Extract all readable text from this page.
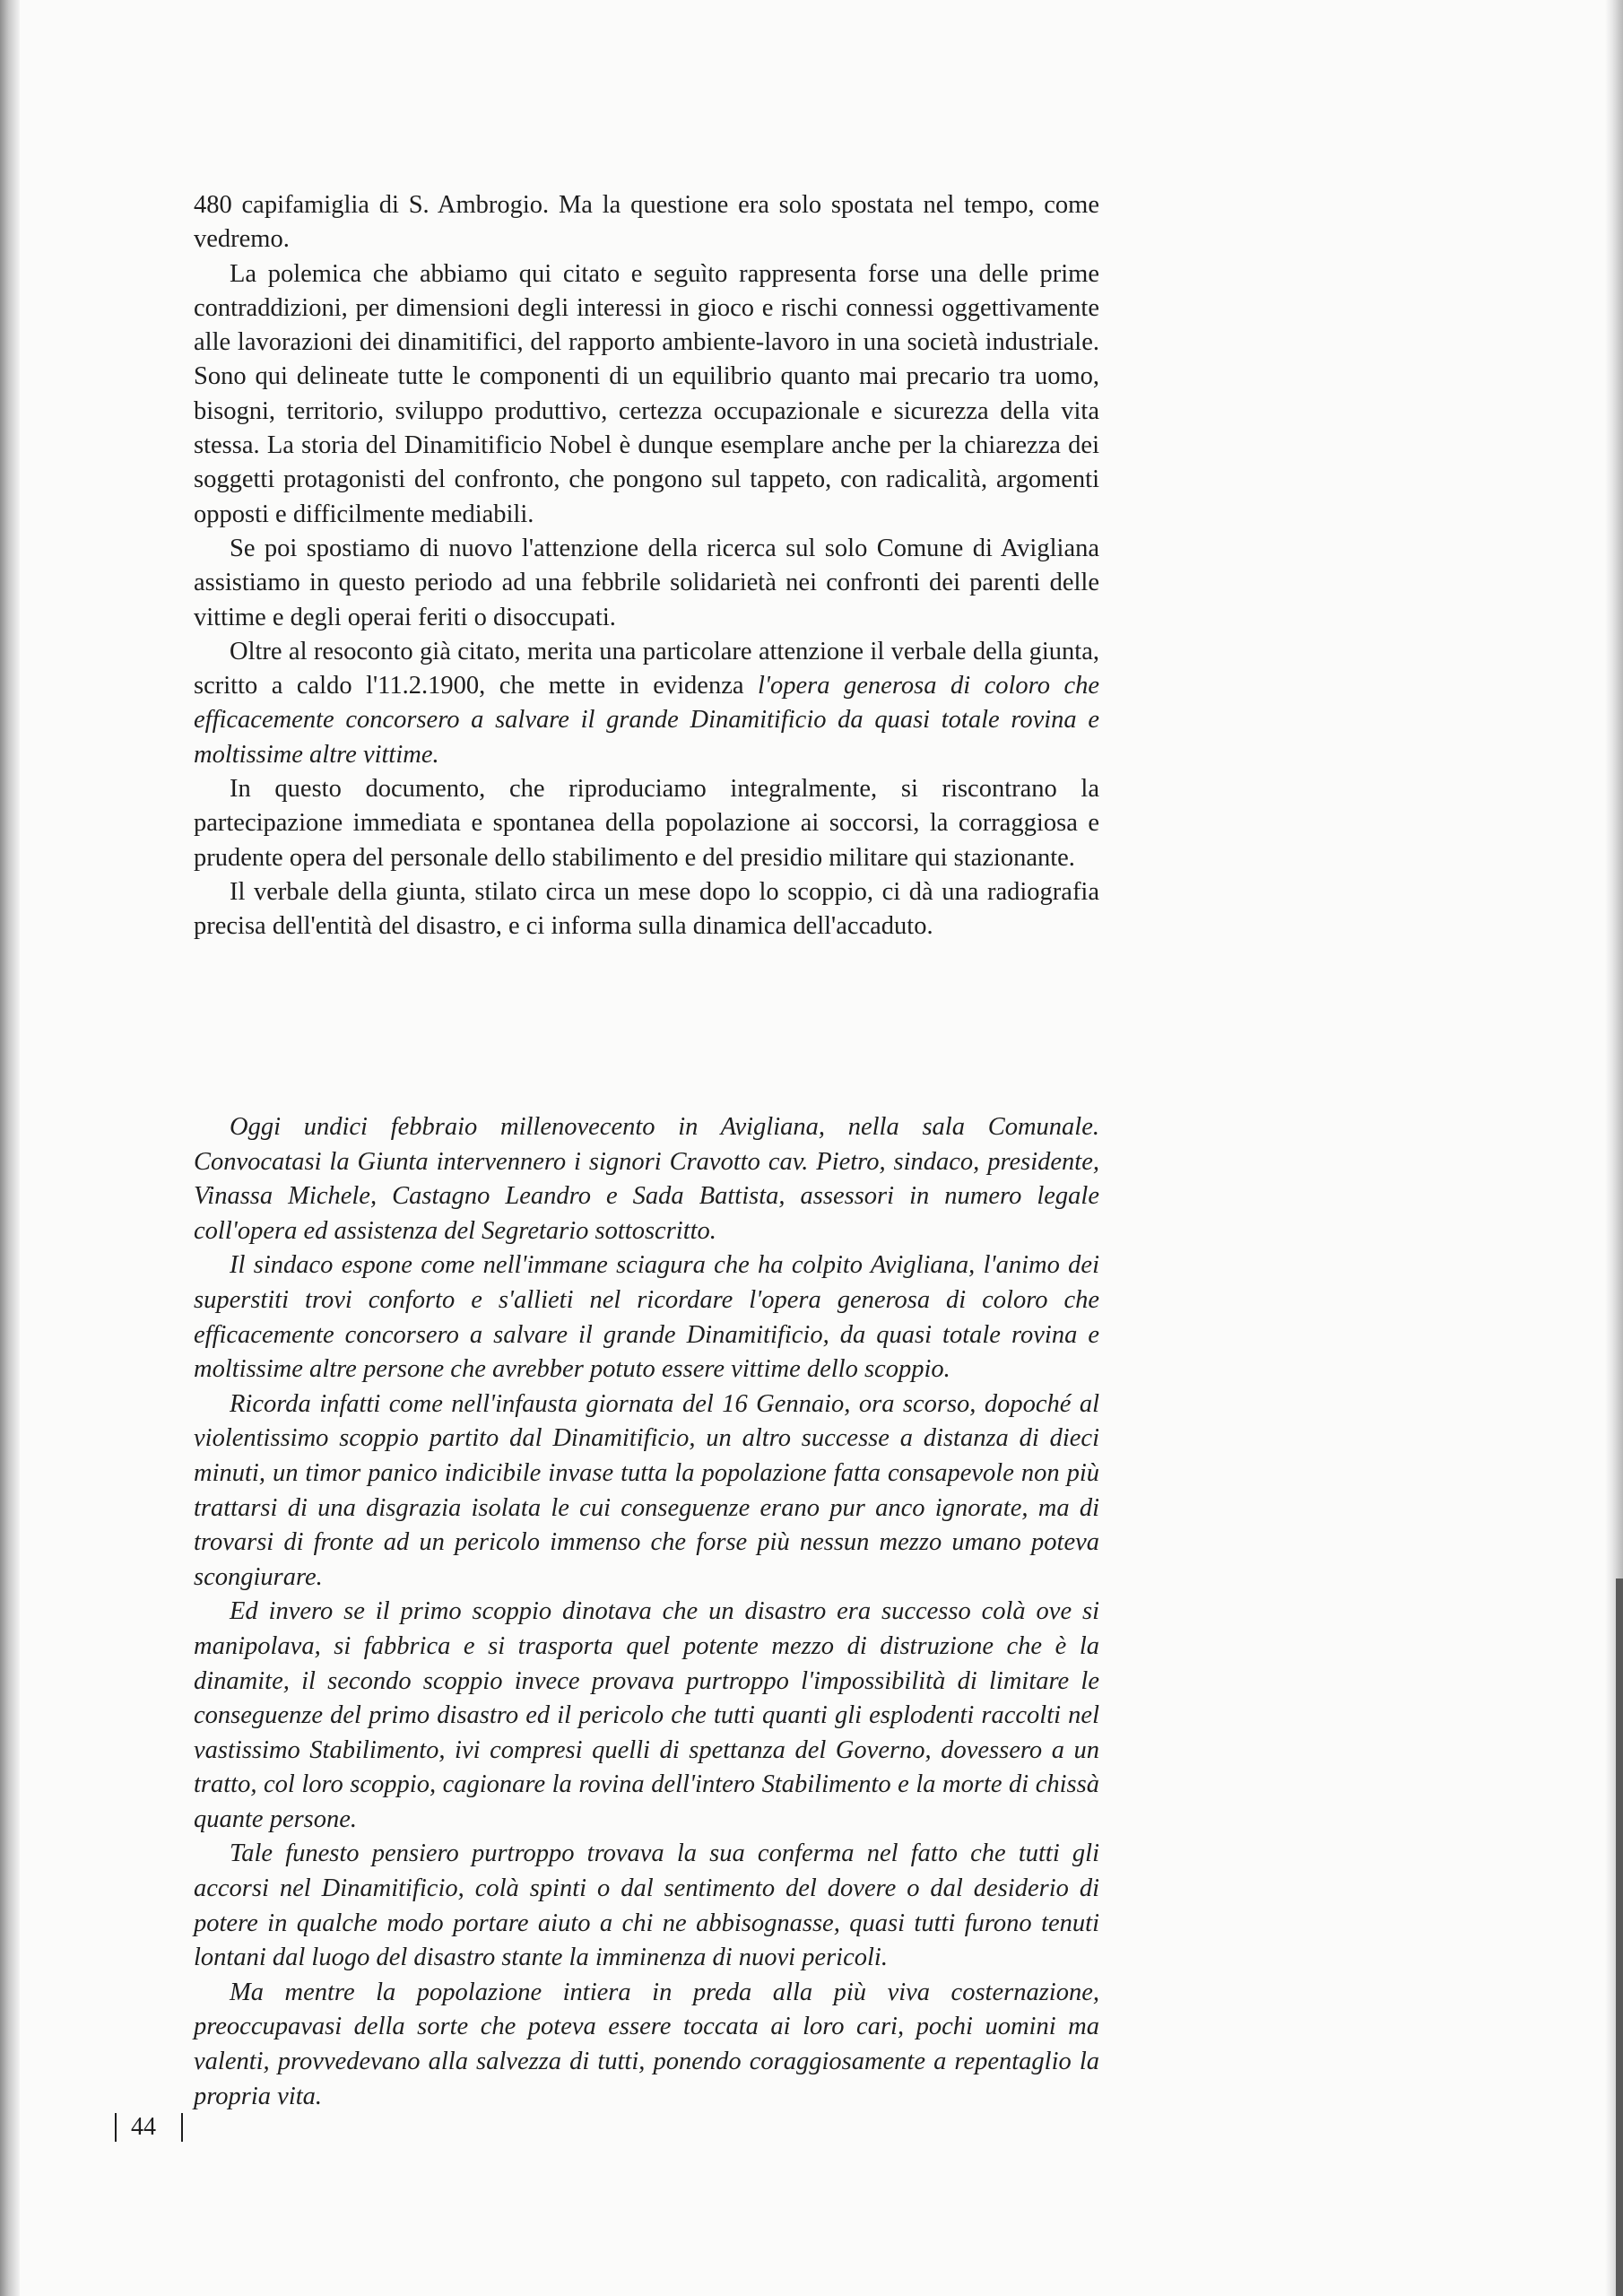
480 capifamiglia di S. Ambrogio. Ma la questione era solo spostata nel tempo, come vedremo.

La polemica che abbiamo qui citato e seguìto rappresenta forse una delle prime contraddizioni, per dimensioni degli interessi in gioco e rischi connessi oggettivamente alle lavorazioni dei dinamitifici, del rapporto ambiente-lavoro in una società industriale. Sono qui delineate tutte le componenti di un equilibrio quanto mai precario tra uomo, bisogni, territorio, sviluppo produttivo, certezza occupazionale e sicurezza della vita stessa. La storia del Dinamitificio Nobel è dunque esemplare anche per la chiarezza dei soggetti protagonisti del confronto, che pongono sul tappeto, con radicalità, argomenti opposti e difficilmente mediabili.

Se poi spostiamo di nuovo l'attenzione della ricerca sul solo Comune di Avigliana assistiamo in questo periodo ad una febbrile solidarietà nei confronti dei parenti delle vittime e degli operai feriti o disoccupati.

Oltre al resoconto già citato, merita una particolare attenzione il verbale della giunta, scritto a caldo l'11.2.1900, che mette in evidenza l'opera generosa di coloro che efficacemente concorsero a salvare il grande Dinamitificio da quasi totale rovina e moltissime altre vittime.

In questo documento, che riproduciamo integralmente, si riscontrano la partecipazione immediata e spontanea della popolazione ai soccorsi, la corraggiosa e prudente opera del personale dello stabilimento e del presidio militare qui stazionante.

Il verbale della giunta, stilato circa un mese dopo lo scoppio, ci dà una radiografia precisa dell'entità del disastro, e ci informa sulla dinamica dell'accaduto.

Oggi undici febbraio millenovecento in Avigliana, nella sala Comunale. Convocatasi la Giunta intervennero i signori Cravotto cav. Pietro, sindaco, presidente, Vinassa Michele, Castagno Leandro e Sada Battista, assessori in numero legale coll'opera ed assistenza del Segretario sottoscritto.

Il sindaco espone come nell'immane sciagura che ha colpito Avigliana, l'animo dei superstiti trovi conforto e s'allieti nel ricordare l'opera generosa di coloro che efficacemente concorsero a salvare il grande Dinamitificio, da quasi totale rovina e moltissime altre persone che avrebber potuto essere vittime dello scoppio.

Ricorda infatti come nell'infausta giornata del 16 Gennaio, ora scorso, dopoché al violentissimo scoppio partito dal Dinamitificio, un altro successe a distanza di dieci minuti, un timor panico indicibile invase tutta la popolazione fatta consapevole non più trattarsi di una disgrazia isolata le cui conseguenze erano pur anco ignorate, ma di trovarsi di fronte ad un pericolo immenso che forse più nessun mezzo umano poteva scongiurare.

Ed invero se il primo scoppio dinotava che un disastro era successo colà ove si manipolava, si fabbrica e si trasporta quel potente mezzo di distruzione che è la dinamite, il secondo scoppio invece provava purtroppo l'impossibilità di limitare le conseguenze del primo disastro ed il pericolo che tutti quanti gli esplodenti raccolti nel vastissimo Stabilimento, ivi compresi quelli di spettanza del Governo, dovessero a un tratto, col loro scoppio, cagionare la rovina dell'intero Stabilimento e la morte di chissà quante persone.

Tale funesto pensiero purtroppo trovava la sua conferma nel fatto che tutti gli accorsi nel Dinamitificio, colà spinti o dal sentimento del dovere o dal desiderio di potere in qualche modo portare aiuto a chi ne abbisognasse, quasi tutti furono tenuti lontani dal luogo del disastro stante la imminenza di nuovi pericoli.

Ma mentre la popolazione intiera in preda alla più viva costernazione, preoccupavasi della sorte che poteva essere toccata ai loro cari, pochi uomini ma valenti, provvedevano alla salvezza di tutti, ponendo coraggiosamente a repentaglio la propria vita.

44
